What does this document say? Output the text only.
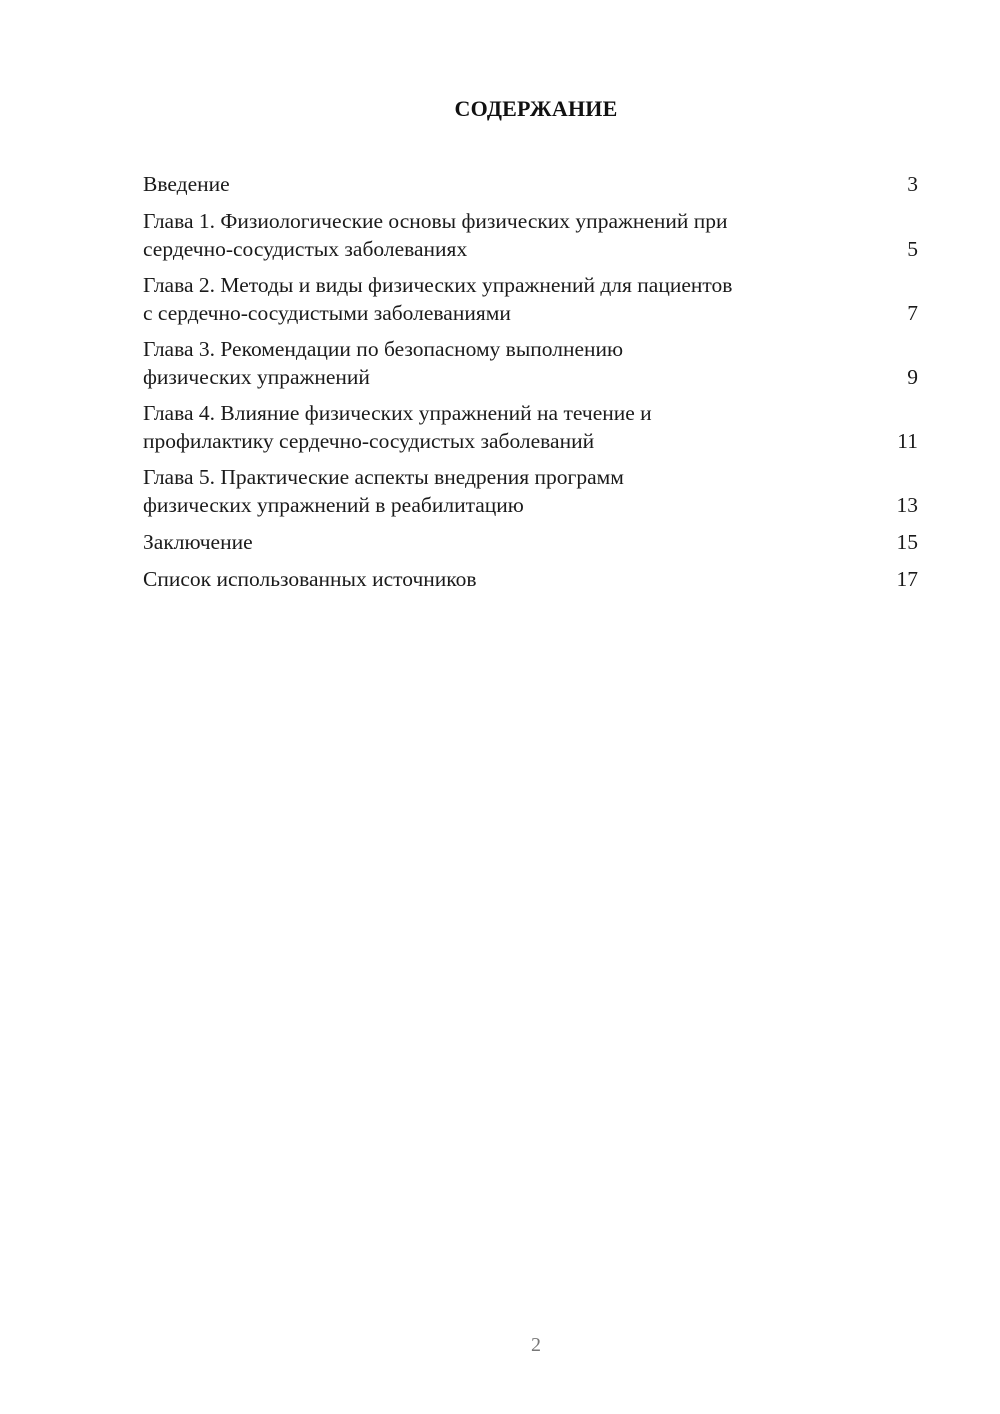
СОДЕРЖАНИЕ
Введение	3
Глава 1. Физиологические основы физических упражнений при
сердечно-сосудистых заболеваниях	5
Глава 2. Методы и виды физических упражнений для пациентов
с сердечно-сосудистыми заболеваниями	7
Глава 3. Рекомендации по безопасному выполнению
физических упражнений	9
Глава 4. Влияние физических упражнений на течение и
профилактику сердечно-сосудистых заболеваний	11
Глава 5. Практические аспекты внедрения программ
физических упражнений в реабилитацию	13
Заключение	15
Список использованных источников	17
2
